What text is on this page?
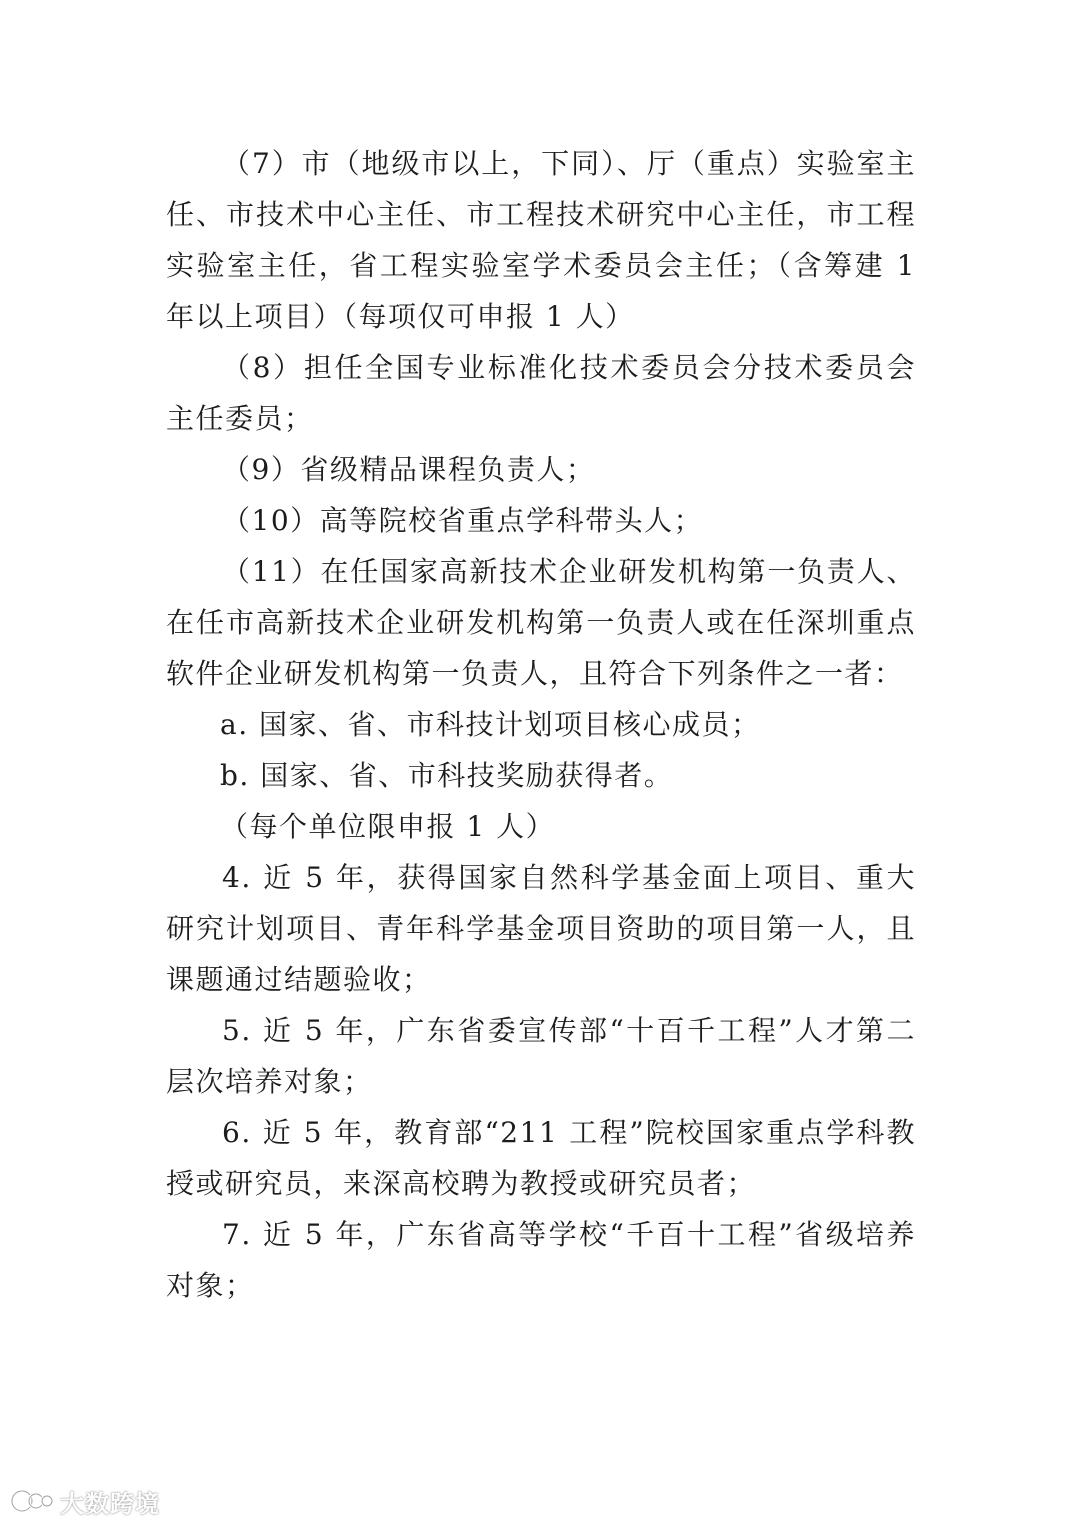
（7）市（地级市以上，下同）、厅（重点）实验室主任、市技术中心主任、市工程技术研究中心主任，市工程实验室主任，省工程实验室学术委员会主任；（含筹建 1 年以上项目）（每项仅可申报 1 人）

（8）担任全国专业标准化技术委员会分技术委员会主任委员；

（9）省级精品课程负责人；

（10）高等院校省重点学科带头人；

（11）在任国家高新技术企业研发机构第一负责人、在任市高新技术企业研发机构第一负责人或在任深圳重点软件企业研发机构第一负责人，且符合下列条件之一者：

a. 国家、省、市科技计划项目核心成员；

b. 国家、省、市科技奖励获得者。

（每个单位限申报 1 人）

4. 近 5 年，获得国家自然科学基金面上项目、重大研究计划项目、青年科学基金项目资助的项目第一人，且课题通过结题验收；

5. 近 5 年，广东省委宣传部“十百千工程”人才第二层次培养对象；

6. 近 5 年，教育部“211 工程”院校国家重点学科教授或研究员，来深高校聘为教授或研究员者；

7. 近 5 年，广东省高等学校“千百十工程”省级培养对象；

大数跨境
